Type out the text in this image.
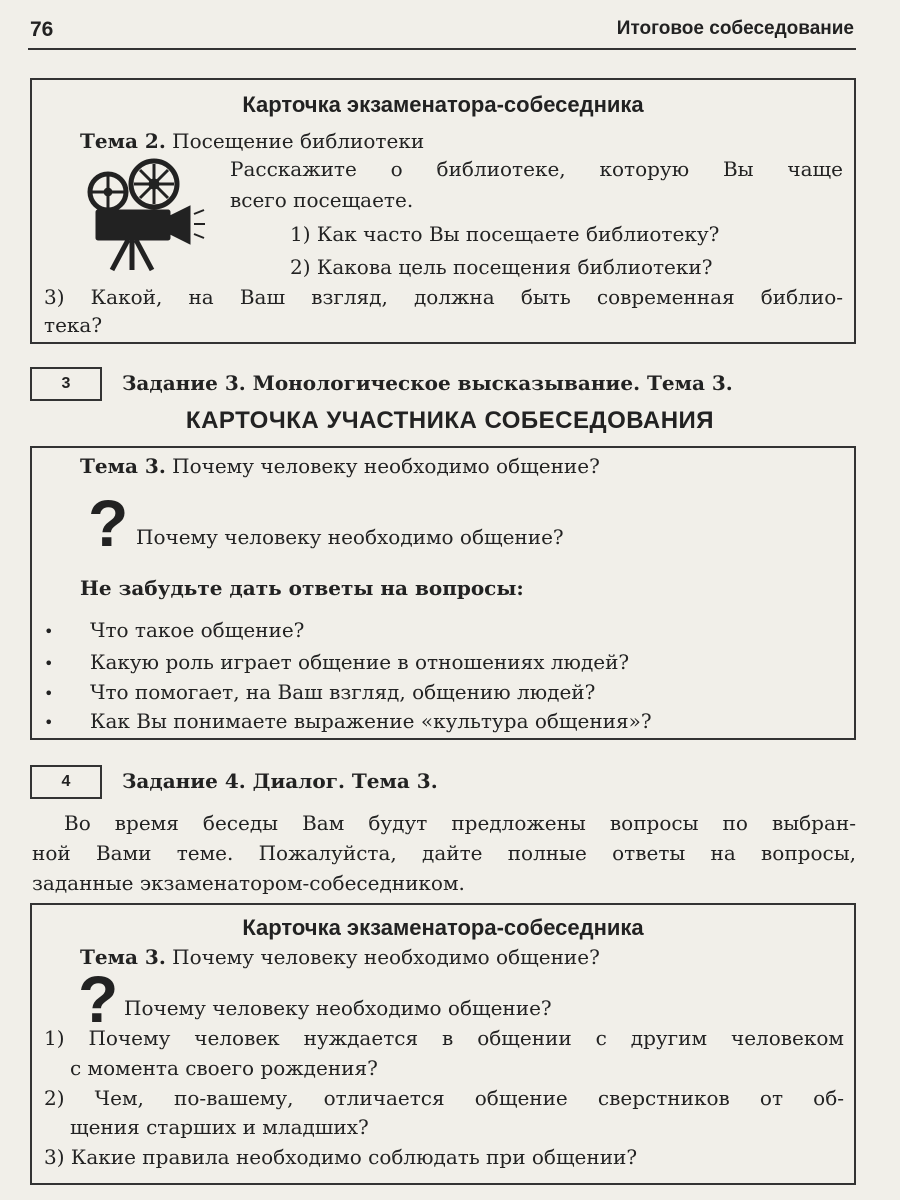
76	Итоговое собеседование
Карточка экзаменатора-собеседника
Тема 2. Посещение библиотеки
Расскажите о библиотеке, которую Вы чаще
всего посещаете.
1) Как часто Вы посещаете библиотеку?
2) Какова цель посещения библиотеки?
3) Какой, на Ваш взгляд, должна быть современная библио-
тека?
3	Задание 3. Монологическое высказывание. Тема 3.
КАРТОЧКА УЧАСТНИКА СОБЕСЕДОВАНИЯ
Тема 3. Почему человеку необходимо общение?
? Почему человеку необходимо общение?
Не забудьте дать ответы на вопросы:
• Что такое общение?
• Какую роль играет общение в отношениях людей?
• Что помогает, на Ваш взгляд, общению людей?
• Как Вы понимаете выражение «культура общения»?
4	Задание 4. Диалог. Тема 3.
Во время беседы Вам будут предложены вопросы по выбран-
ной Вами теме. Пожалуйста, дайте полные ответы на вопросы,
заданные экзаменатором-собеседником.
Карточка экзаменатора-собеседника
Тема 3. Почему человеку необходимо общение?
? Почему человеку необходимо общение?
1) Почему человек нуждается в общении с другим человеком
с момента своего рождения?
2) Чем, по-вашему, отличается общение сверстников от об-
щения старших и младших?
3) Какие правила необходимо соблюдать при общении?
